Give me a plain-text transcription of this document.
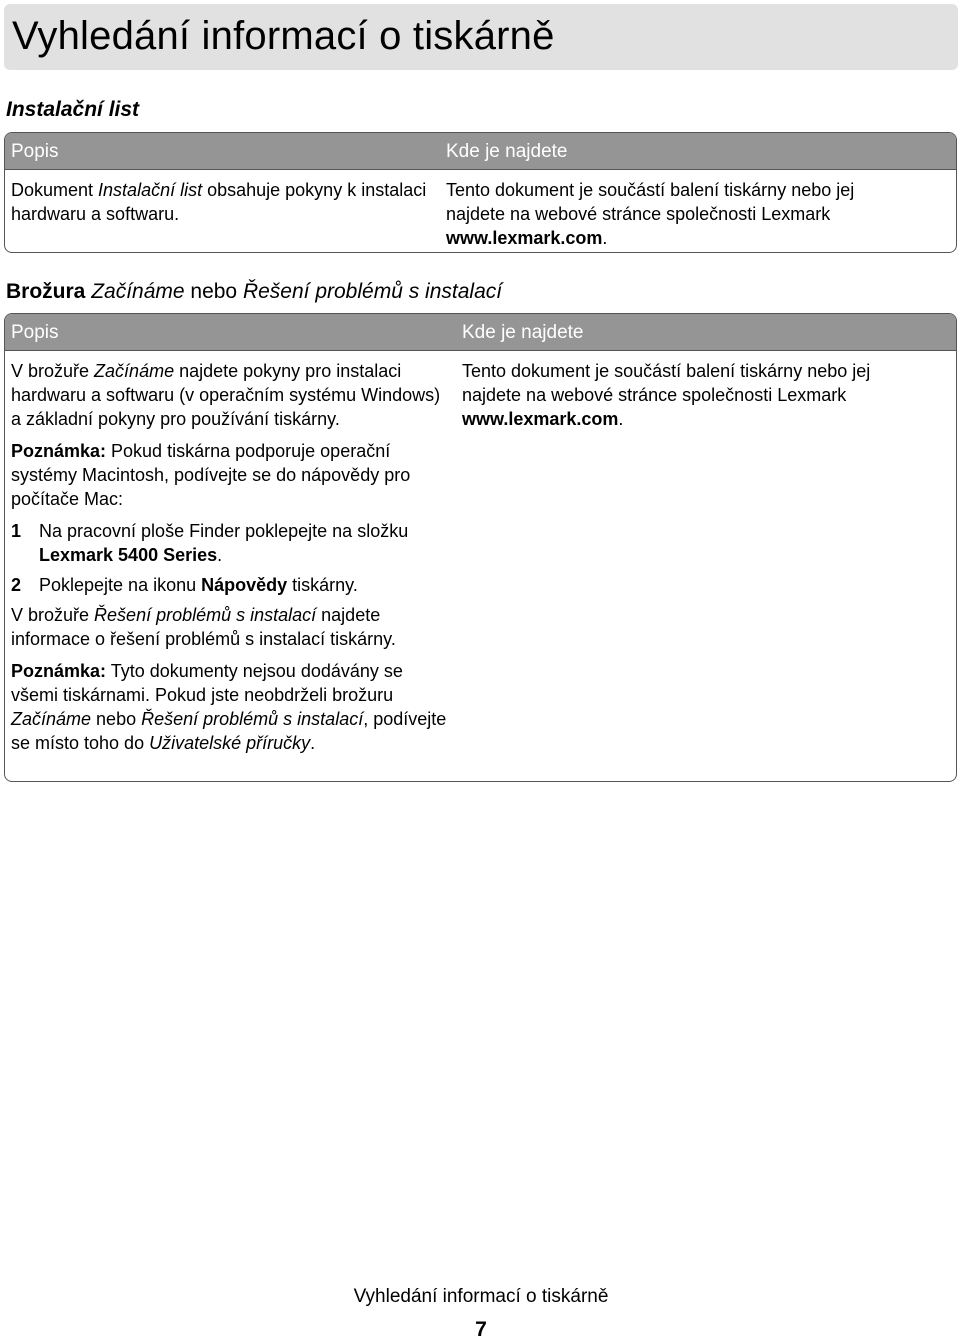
Vyhledání informací o tiskárně
Instalační list
Popis	Kde je najdete
Dokument Instalační list obsahuje pokyny k instalaci hardwaru a softwaru.
Tento dokument je součástí balení tiskárny nebo jej najdete na webové stránce společnosti Lexmark www.lexmark.com.
Brožura Začínáme nebo Řešení problémů s instalací
Popis	Kde je najdete

V brožuře Začínáme najdete pokyny pro instalaci hardwaru a softwaru (v operačním systému Windows) a základní pokyny pro používání tiskárny.

Poznámka: Pokud tiskárna podporuje operační systémy Macintosh, podívejte se do nápovědy pro počítače Mac:

1 Na pracovní ploše Finder poklepejte na složku Lexmark 5400 Series.
2 Poklepejte na ikonu Nápovědy tiskárny.

V brožuře Řešení problémů s instalací najdete informace o řešení problémů s instalací tiskárny.

Poznámka: Tyto dokumenty nejsou dodávány se všemi tiskárnami. Pokud jste neobdrželi brožuru Začínáme nebo Řešení problémů s instalací, podívejte se místo toho do Uživatelské příručky.

Tento dokument je součástí balení tiskárny nebo jej najdete na webové stránce společnosti Lexmark www.lexmark.com.
Vyhledání informací o tiskárně
7
